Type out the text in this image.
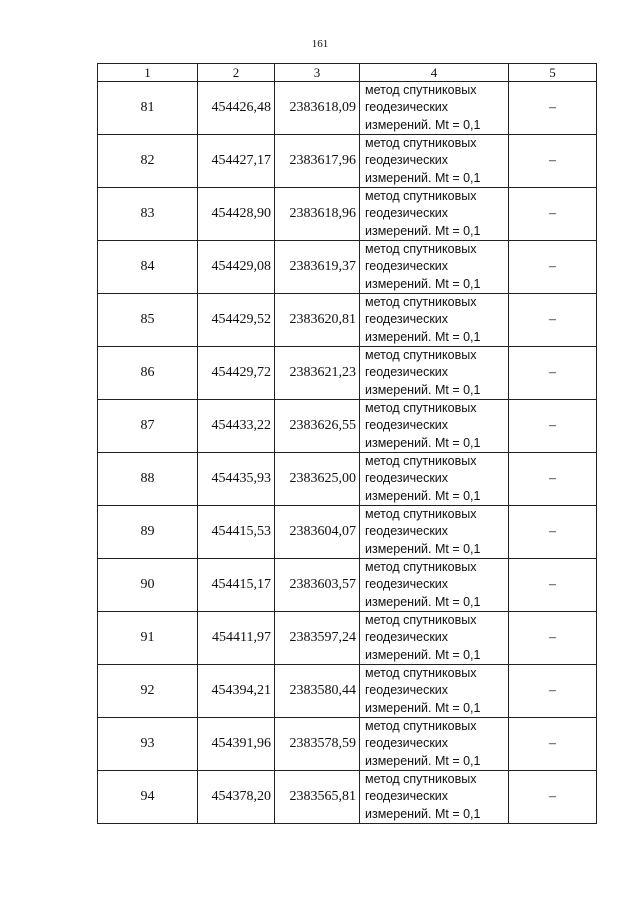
161
1	2	3	4	5
81	454426,48	2383618,09	метод спутниковых
геодезических
измерений. Mt = 0,1	–
82	454427,17	2383617,96	метод спутниковых
геодезических
измерений. Mt = 0,1	–
83	454428,90	2383618,96	метод спутниковых
геодезических
измерений. Mt = 0,1	–
84	454429,08	2383619,37	метод спутниковых
геодезических
измерений. Mt = 0,1	–
85	454429,52	2383620,81	метод спутниковых
геодезических
измерений. Mt = 0,1	–
86	454429,72	2383621,23	метод спутниковых
геодезических
измерений. Mt = 0,1	–
87	454433,22	2383626,55	метод спутниковых
геодезических
измерений. Mt = 0,1	–
88	454435,93	2383625,00	метод спутниковых
геодезических
измерений. Mt = 0,1	–
89	454415,53	2383604,07	метод спутниковых
геодезических
измерений. Mt = 0,1	–
90	454415,17	2383603,57	метод спутниковых
геодезических
измерений. Mt = 0,1	–
91	454411,97	2383597,24	метод спутниковых
геодезических
измерений. Mt = 0,1	–
92	454394,21	2383580,44	метод спутниковых
геодезических
измерений. Mt = 0,1	–
93	454391,96	2383578,59	метод спутниковых
геодезических
измерений. Mt = 0,1	–
94	454378,20	2383565,81	метод спутниковых
геодезических
измерений. Mt = 0,1	–
